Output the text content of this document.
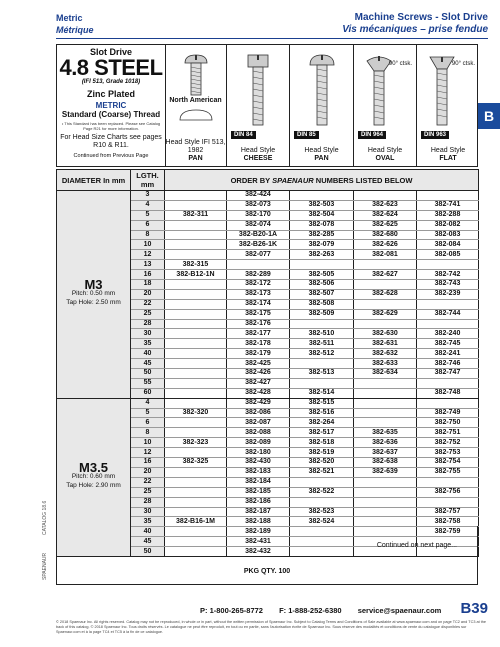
Metric
Métrique
Machine Screws - Slot Drive
Vis mécaniques – prise fendue
B
CATALOG 18.6
SPAENAUR
Slot Drive
4.8 STEEL
(IFI 513, Grade 1018)
Zinc Plated
METRIC
Standard (Coarse) Thread
• This Standard has been replaced. Please see Catalog Page R21 for more information.
For Head Size Charts see pages R10 & R11.
Continued from Previous Page
North American
Head Style IFI 513, 1982
PAN
DIN 84
Head Style
CHEESE
DIN 85
Head Style
PAN
90° ctsk.
DIN 964
Head Style
OVAL
90° ctsk.
DIN 963
Head Style
FLAT
DIAMETER In mm	LGTH. mm	ORDER BY SPAENAUR NUMBERS LISTED BELOW				

M3
Pitch: 0.50 mm
Tap Hole: 2.50 mm	3		382-424			
	4		382-073	382-503	382-623	382-741
	5	382-311	382-170	382-504	382-624	382-288
	6		382-074	382-078	382-625	382-082
	8		382-B20-1A	382-285	382-680	382-083
	10		382-B26-1K	382-079	382-626	382-084
	12		382-077	382-263	382-081	382-085
	13	382-315				
	16	382-B12-1N	382-289	382-505	382-627	382-742
	18		382-172	382-506		382-743
	20		382-173	382-507	382-628	382-239
	22		382-174	382-508		
	25		382-175	382-509	382-629	382-744
	28		382-176			
	30		382-177	382-510	382-630	382-240
	35		382-178	382-511	382-631	382-745
	40		382-179	382-512	382-632	382-241
	45		382-425		382-633	382-746
	50		382-426	382-513	382-634	382-747
	55		382-427			
	60		382-428	382-514		382-748

M3.5
Pitch: 0.60 mm
Tap Hole: 2.90 mm	4		382-429	382-515		
	5	382-320	382-086	382-516		382-749
	6		382-087	382-264		382-750
	8		382-088	382-517	382-635	382-751
	10	382-323	382-089	382-518	382-636	382-752
	12		382-180	382-519	382-637	382-753
	16	382-325	382-430	382-520	382-638	382-754
	20		382-183	382-521	382-639	382-755
	22		382-184			
	25		382-185	382-522		382-756
	28		382-186			
	30		382-187	382-523		382-757
	35	382-B16-1M	382-188	382-524		382-758
	40		382-189			382-759
	45		382-431			
	50		382-432			
Continued on next page...
PKG QTY. 100
P: 1-800-265-8772 F: 1-888-252-6380 service@spaenaur.com	B39
© 2018 Spaenaur Inc. All rights reserved. Catalog may not be reproduced, in whole or in part, without the written permission of Spaenaur Inc. Subject to Catalog Terms and Conditions of Sale available at www.spaenaur.com and on page TC2 and TC3 at the back of this catalog. © 2018 Spaenaur Inc. Tous droits réservés. Le catalogue ne peut être reproduit, en tout ou en partie, sans l'autorisation écrite de Spaenaur Inc. Sous réserve des modalités et conditions de vente du catalogue disponibles sur Spaenaur.com et à la page TC4 et TC5 à la fin de ce catalogue.
